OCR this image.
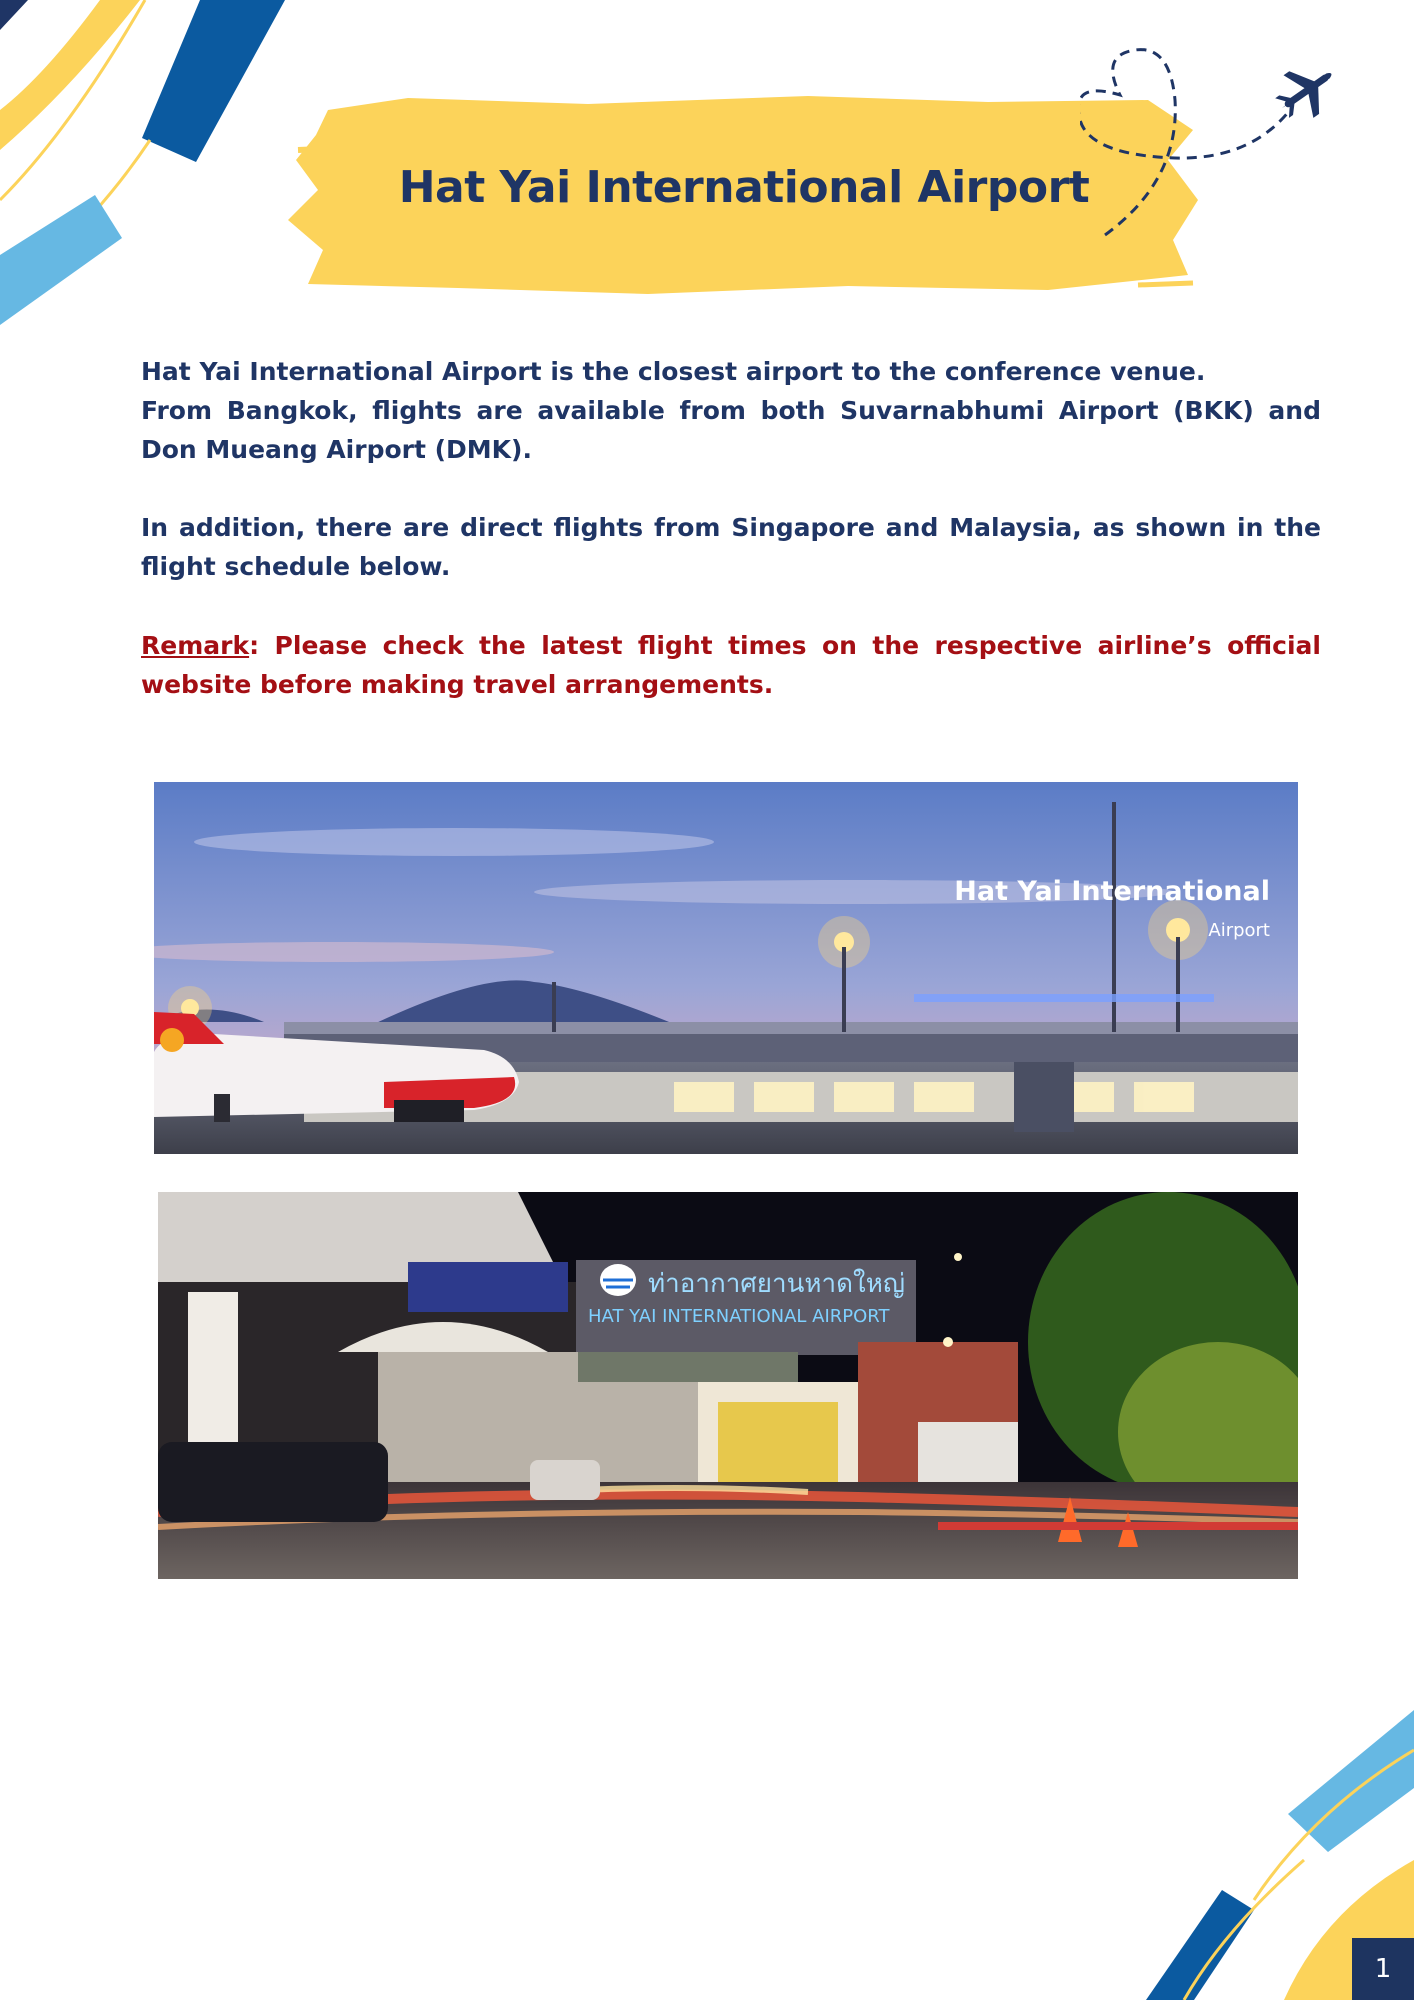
Hat Yai International Airport
Hat Yai International Airport is the closest airport to the conference venue.
From Bangkok, flights are available from both Suvarnabhumi Airport (BKK) and Don Mueang Airport (DMK).
In addition, there are direct flights from Singapore and Malaysia, as shown in the flight schedule below.
Remark: Please check the latest flight times on the respective airline’s official website before making travel arrangements.
Hat Yai International
Airport
ท่าอากาศยานหาดใหญ่
HAT YAI INTERNATIONAL AIRPORT
1
